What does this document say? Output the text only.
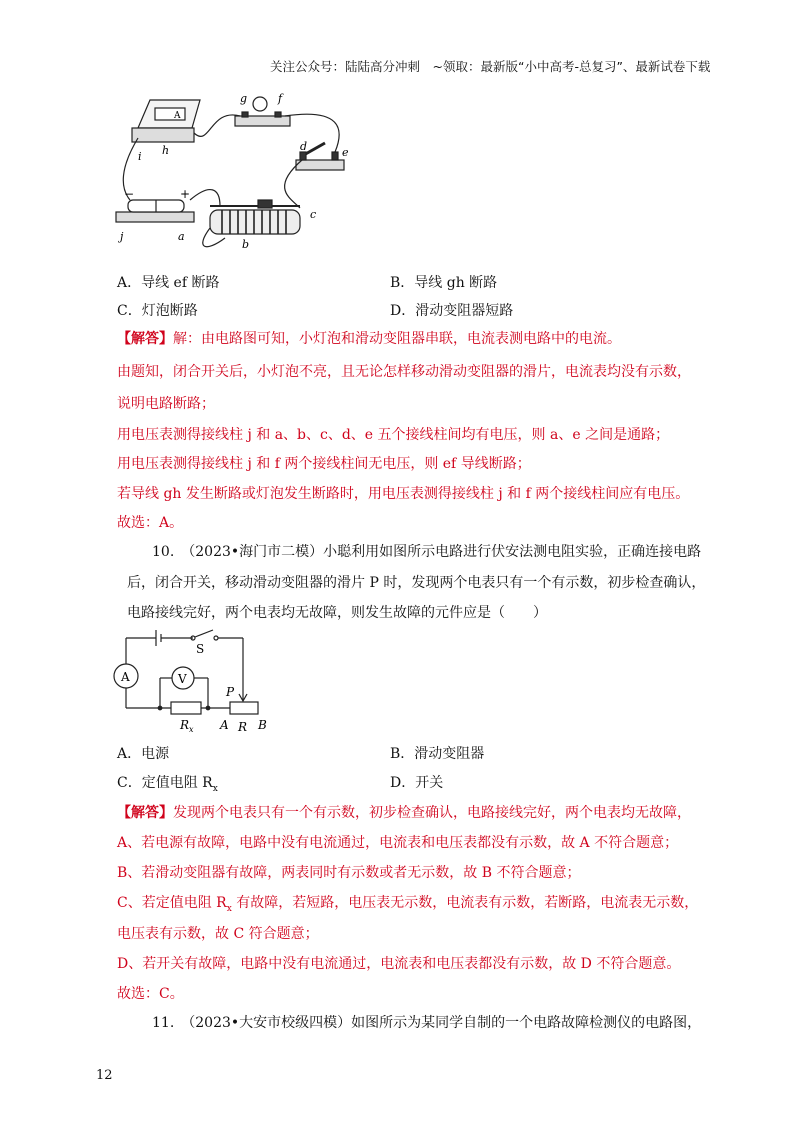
关注公众号：陆陆高分冲刺　~领取：最新版“小中高考-总复习”、最新试卷下载
A
g	f
d	e
i h
−	+
j	a
b
c
A．导线 ef 断路	B．导线 gh 断路
C．灯泡断路	D．滑动变阻器短路
【解答】解：由电路图可知，小灯泡和滑动变阻器串联，电流表测电路中的电流。
由题知，闭合开关后，小灯泡不亮，且无论怎样移动滑动变阻器的滑片，电流表均没有示数，
说明电路断路；
用电压表测得接线柱 j 和 a、b、c、d、e 五个接线柱间均有电压，则 a、e 之间是通路；
用电压表测得接线柱 j 和 f 两个接线柱间无电压，则 ef 导线断路；
若导线 gh 发生断路或灯泡发生断路时，用电压表测得接线柱 j 和 f 两个接线柱间应有电压。
故选：A。
10.　（2023•海门市二模）小聪利用如图所示电路进行伏安法测电阻实验，正确连接电路
后，闭合开关，移动滑动变阻器的滑片 P 时，发现两个电表只有一个有示数，初步检查确认，
电路接线完好，两个电表均无故障，则发生故障的元件应是（　　）
A	V
S
P
$R_x$ A R B
A．电源	B．滑动变阻器
C．定值电阻 $R_x$	D．开关
【解答】发现两个电表只有一个有示数，初步检查确认，电路接线完好，两个电表均无故障，
A、若电源有故障，电路中没有电流通过，电流表和电压表都没有示数，故 A 不符合题意；
B、若滑动变阻器有故障，两表同时有示数或者无示数，故 B 不符合题意；
C、若定值电阻 $R_x$ 有故障，若短路，电压表无示数，电流表有示数，若断路，电流表无示数，
电压表有示数，故 C 符合题意；
D、若开关有故障，电路中没有电流通过，电流表和电压表都没有示数，故 D 不符合题意。
故选：C。
11.　（2023•大安市校级四模）如图所示为某同学自制的一个电路故障检测仪的电路图，
12
